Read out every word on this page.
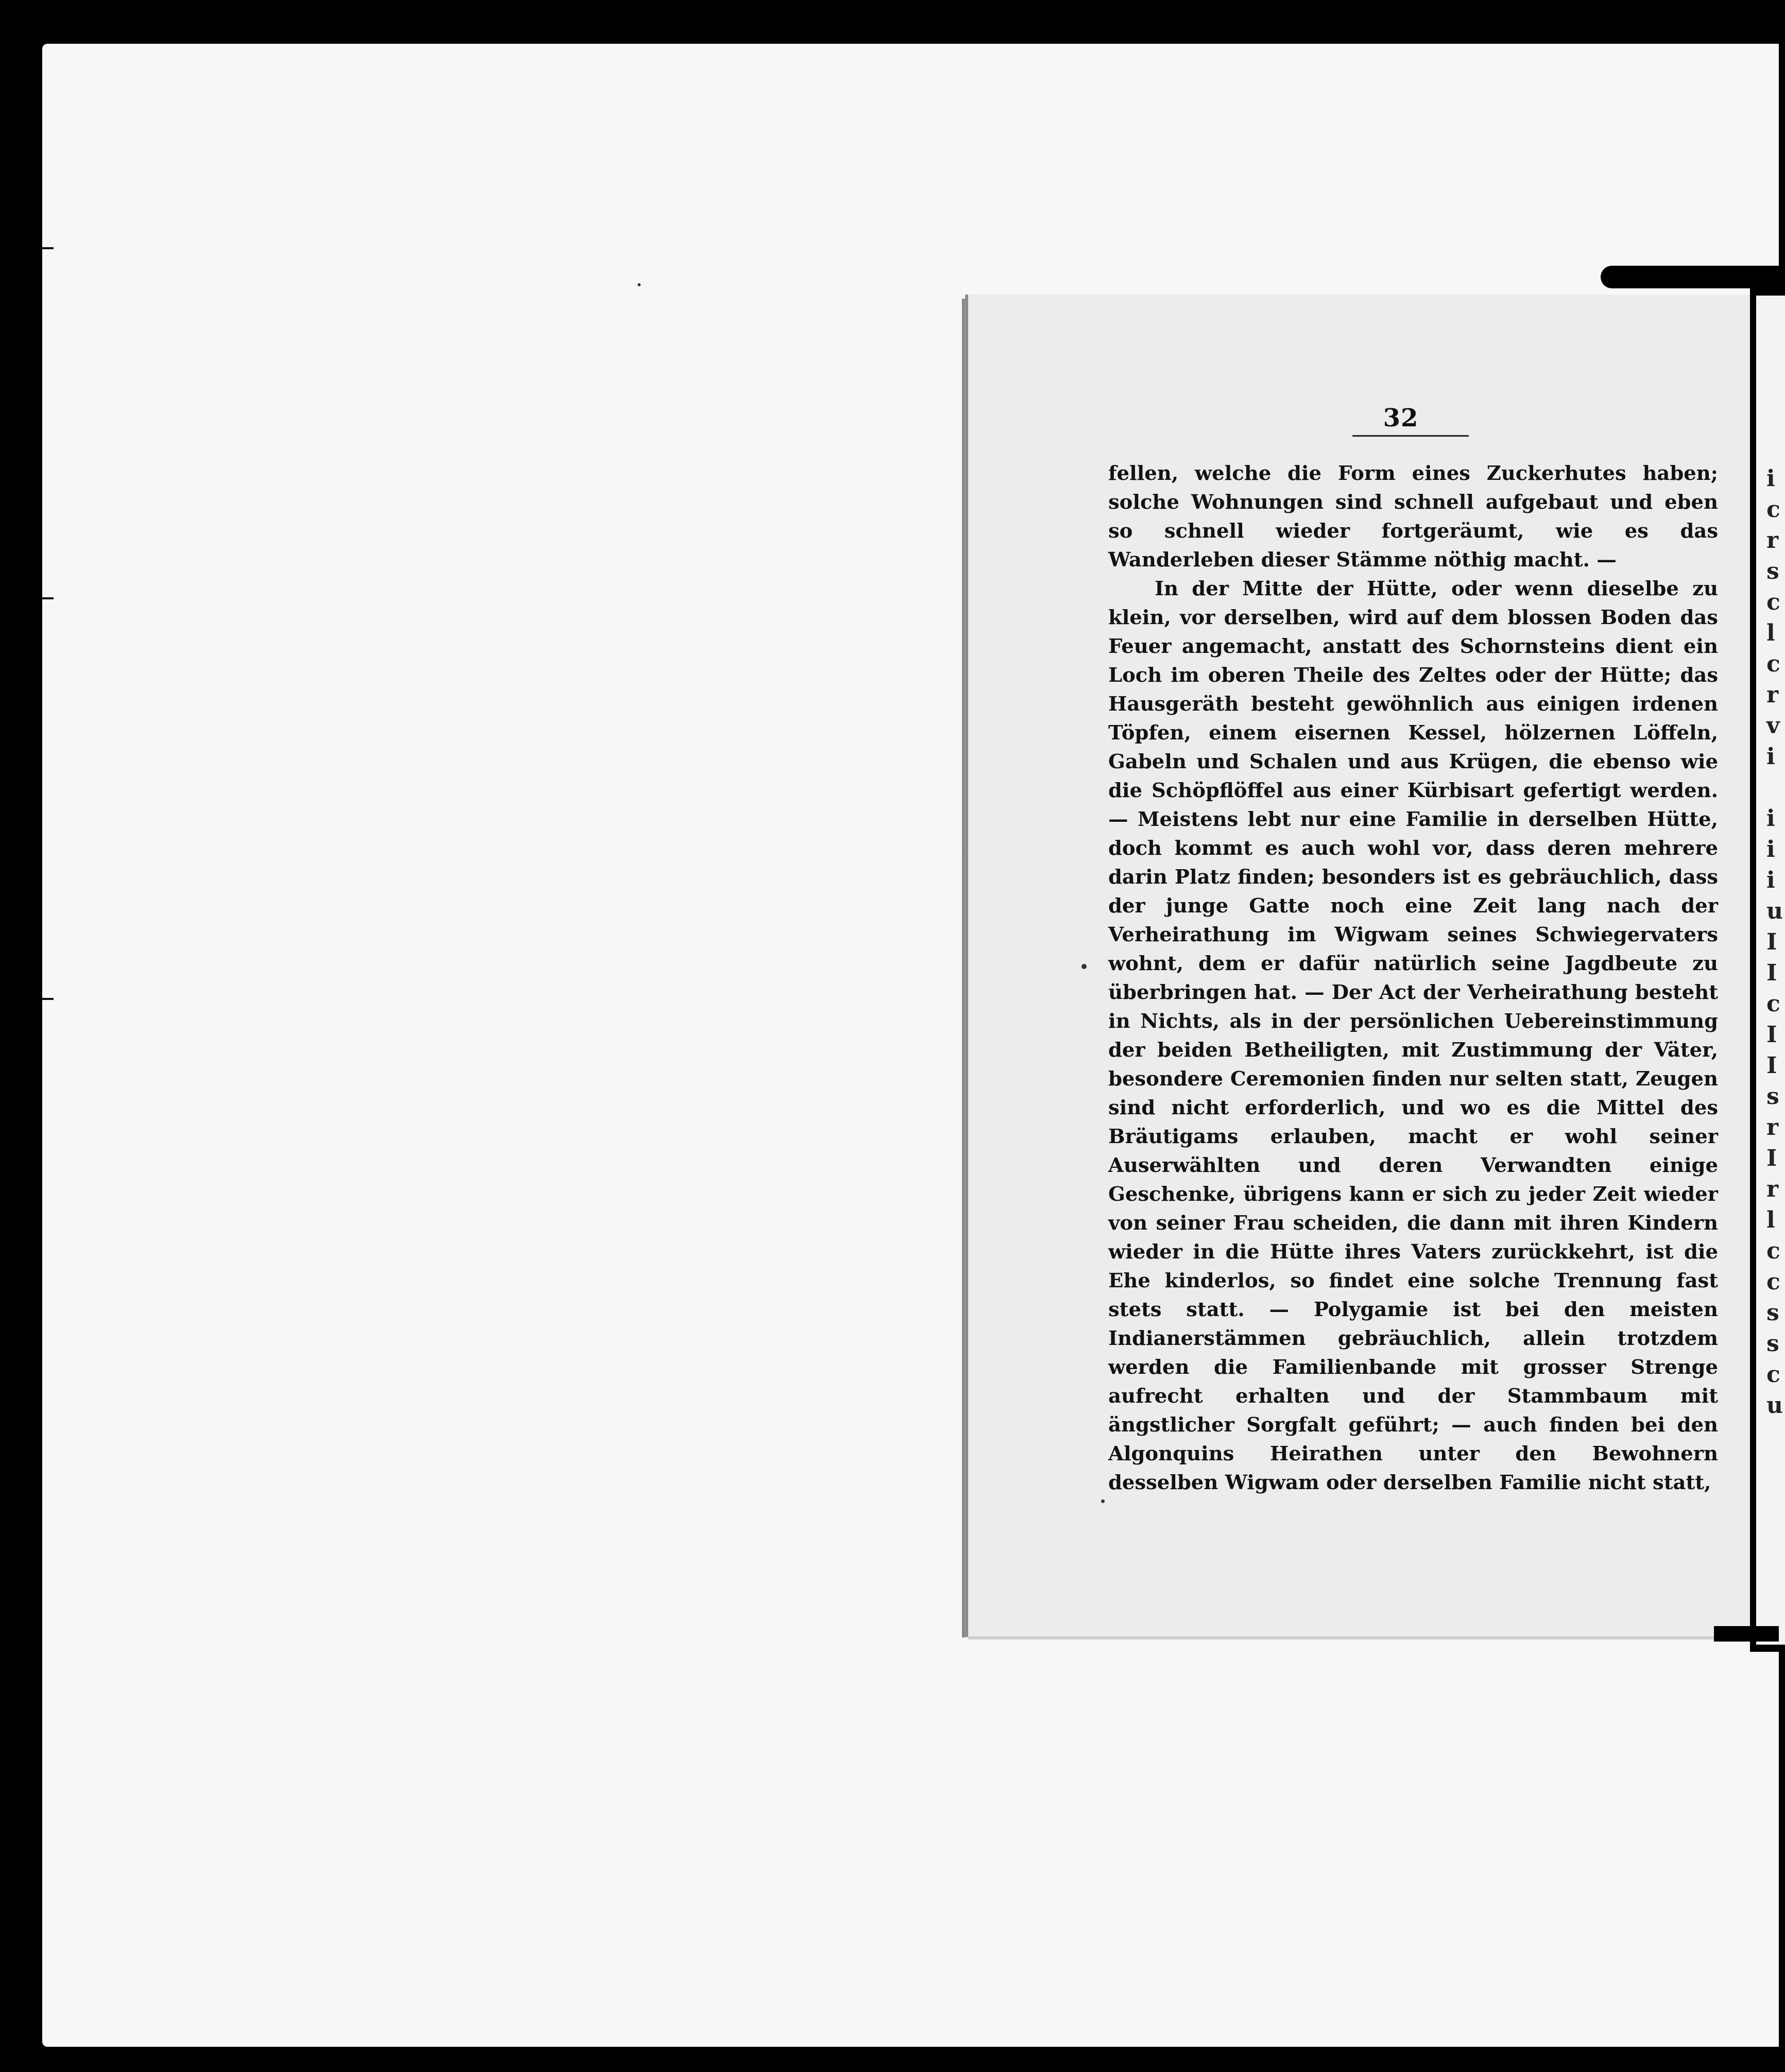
i
c
r
s
c
l
c
r
v
i

i
i
i
u
I
I
c
I
I
s
r
I
r
l
c
c
s
s
c
u
32

fellen, welche die Form eines Zuckerhutes haben; solche Wohnungen sind schnell aufgebaut und eben so schnell wieder fortgeräumt, wie es das Wanderleben dieser Stämme nöthig macht. —

In der Mitte der Hütte, oder wenn dieselbe zu klein, vor derselben, wird auf dem blossen Boden das Feuer angemacht, anstatt des Schornsteins dient ein Loch im oberen Theile des Zeltes oder der Hütte; das Hausgeräth besteht gewöhnlich aus einigen irdenen Töpfen, einem eisernen Kessel, hölzernen Löffeln, Gabeln und Schalen und aus Krügen, die ebenso wie die Schöpflöffel aus einer Kürbisart gefertigt werden. — Meistens lebt nur eine Familie in derselben Hütte, doch kommt es auch wohl vor, dass deren mehrere darin Platz finden; besonders ist es gebräuchlich, dass der junge Gatte noch eine Zeit lang nach der Verheirathung im Wigwam seines Schwiegervaters wohnt, dem er dafür natürlich seine Jagdbeute zu überbringen hat. — Der Act der Verheirathung besteht in Nichts, als in der persönlichen Uebereinstimmung der beiden Betheiligten, mit Zustimmung der Väter, besondere Ceremonien finden nur selten statt, Zeugen sind nicht erforderlich, und wo es die Mittel des Bräutigams erlauben, macht er wohl seiner Auserwählten und deren Verwandten einige Geschenke, übrigens kann er sich zu jeder Zeit wieder von seiner Frau scheiden, die dann mit ihren Kindern wieder in die Hütte ihres Vaters zurückkehrt, ist die Ehe kinderlos, so findet eine solche Trennung fast stets statt. — Polygamie ist bei den meisten Indianerstämmen gebräuchlich, allein trotzdem werden die Familienbande mit grosser Strenge aufrecht erhalten und der Stammbaum mit ängstlicher Sorgfalt geführt; — auch finden bei den Algonquins Heirathen unter den Bewohnern desselben Wigwam oder derselben Familie nicht statt,
